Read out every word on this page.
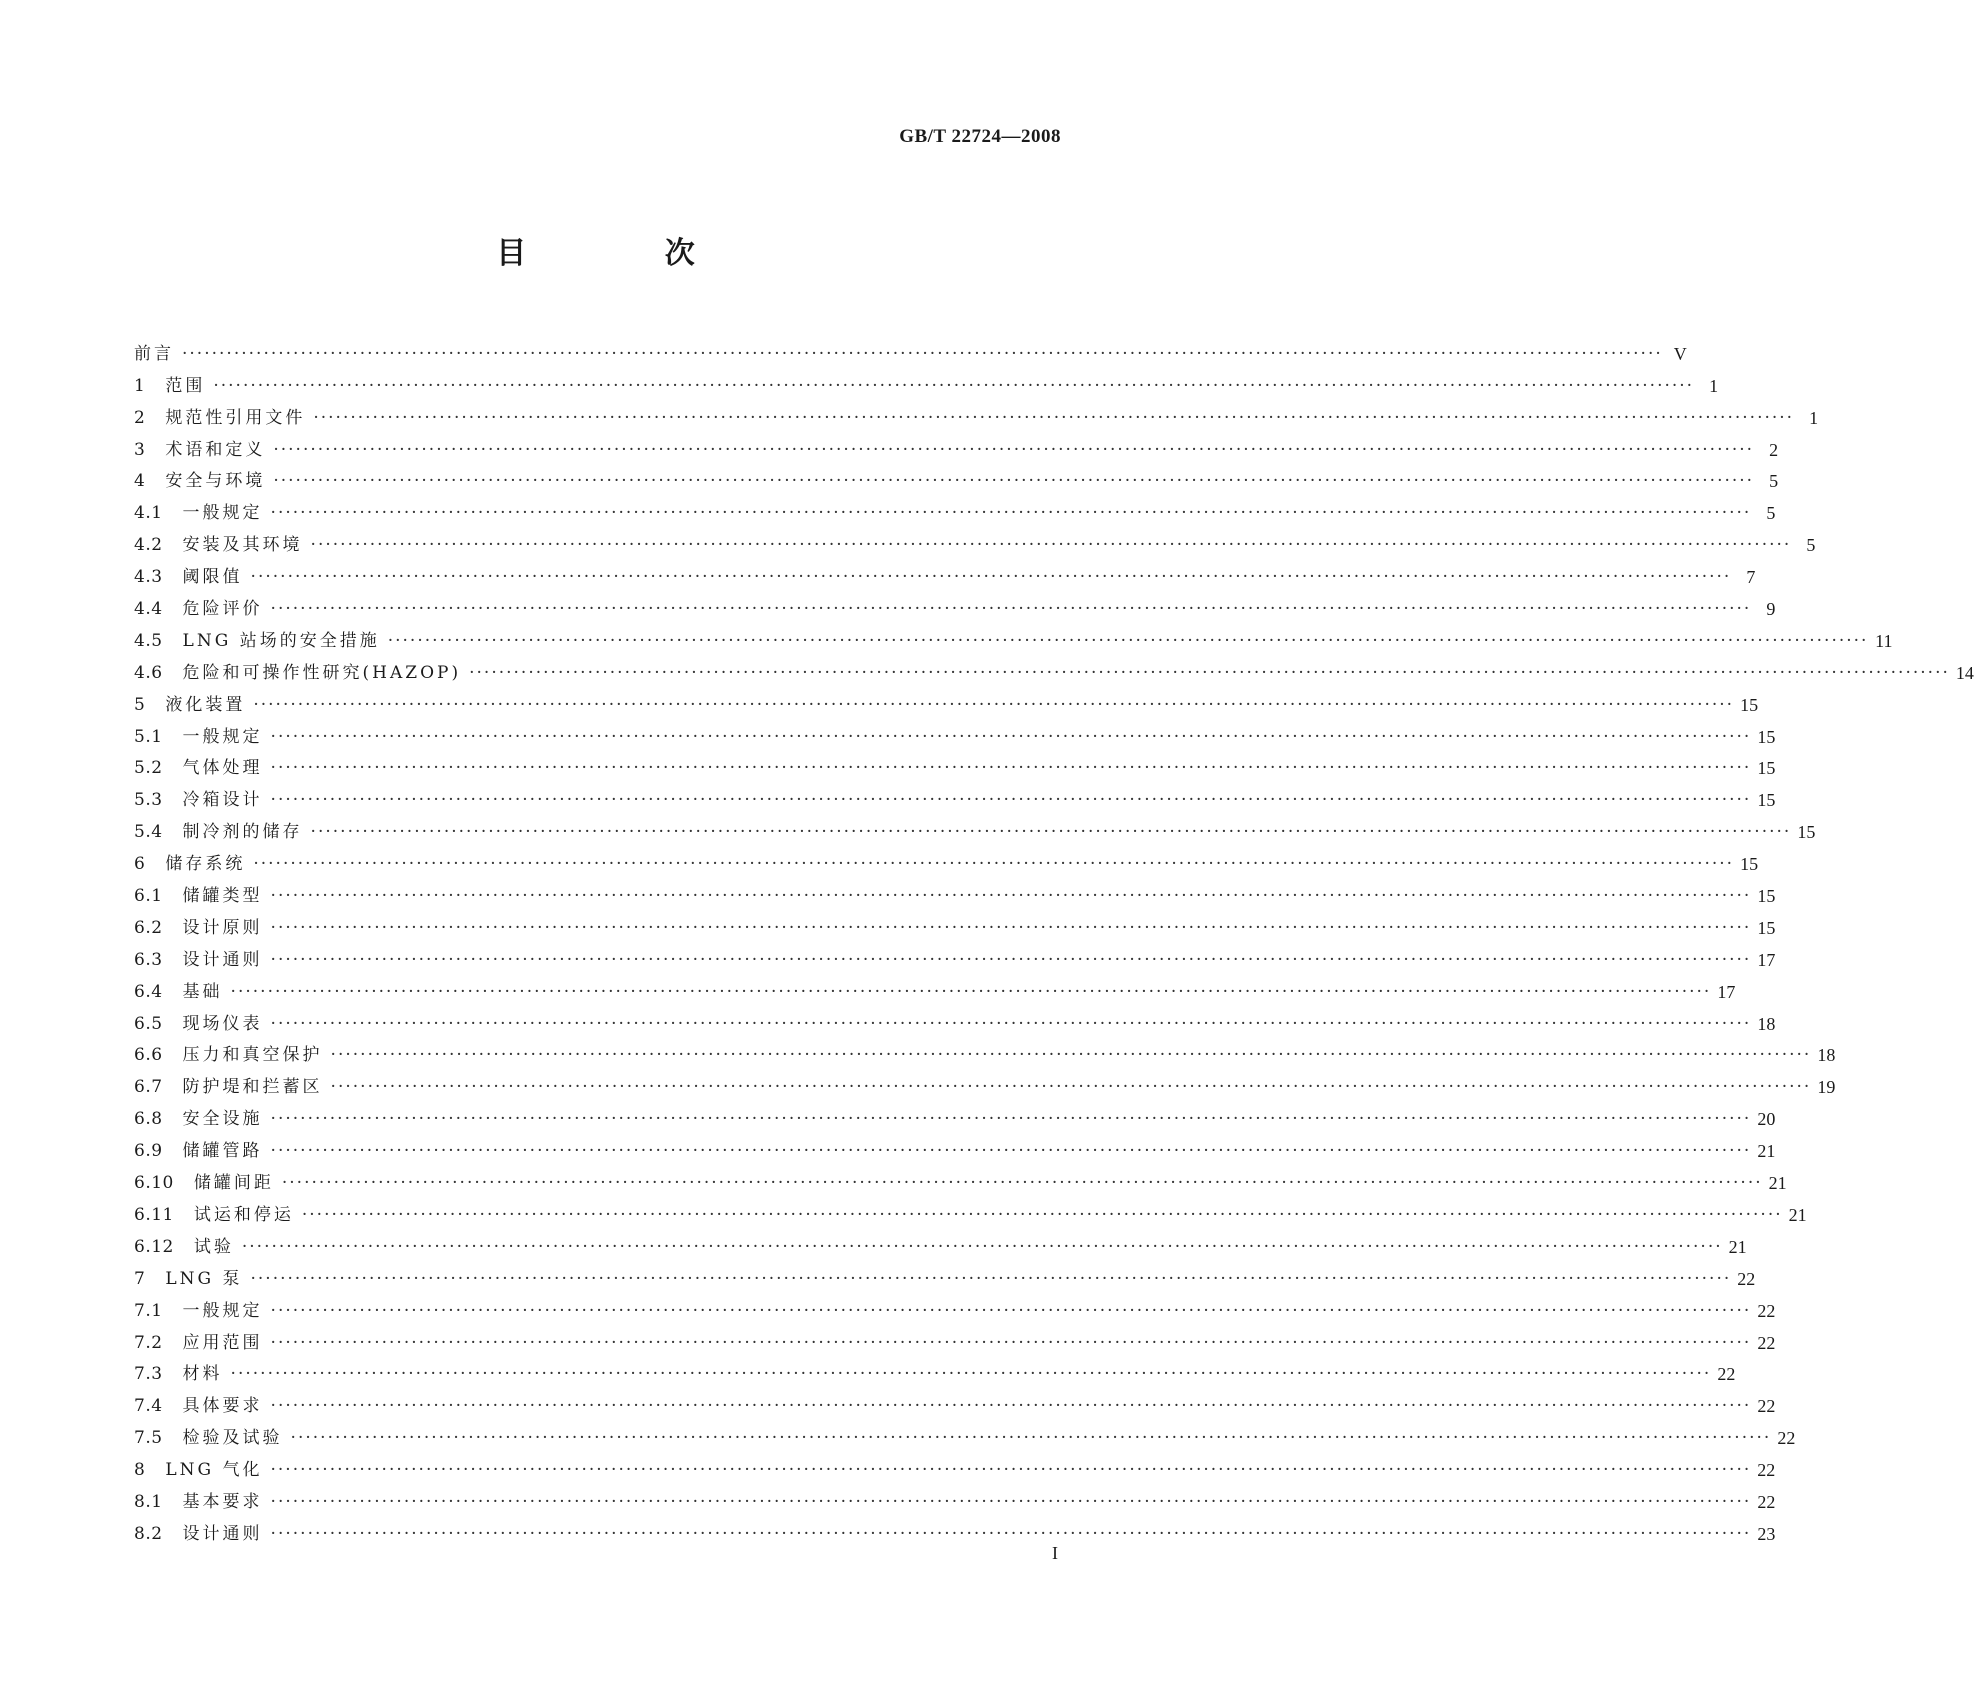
GB/T 22724—2008
目 次
前言 ········································································································································································································ V
1 范围 ········································································································································································································ 1
2 规范性引用文件 ········································································································································································································ 1
3 术语和定义 ········································································································································································································ 2
4 安全与环境 ········································································································································································································ 5
4.1 一般规定 ········································································································································································································ 5
4.2 安装及其环境 ········································································································································································································ 5
4.3 阈限值 ········································································································································································································ 7
4.4 危险评价 ········································································································································································································ 9
4.5 LNG 站场的安全措施 ········································································································································································································ 11
4.6 危险和可操作性研究(HAZOP) ········································································································································································································ 14
5 液化装置 ········································································································································································································ 15
5.1 一般规定 ········································································································································································································ 15
5.2 气体处理 ········································································································································································································ 15
5.3 冷箱设计 ········································································································································································································ 15
5.4 制冷剂的储存 ········································································································································································································ 15
6 储存系统 ········································································································································································································ 15
6.1 储罐类型 ········································································································································································································ 15
6.2 设计原则 ········································································································································································································ 15
6.3 设计通则 ········································································································································································································ 17
6.4 基础 ········································································································································································································ 17
6.5 现场仪表 ········································································································································································································ 18
6.6 压力和真空保护 ········································································································································································································ 18
6.7 防护堤和拦蓄区 ········································································································································································································ 19
6.8 安全设施 ········································································································································································································ 20
6.9 储罐管路 ········································································································································································································ 21
6.10 储罐间距 ········································································································································································································ 21
6.11 试运和停运 ········································································································································································································ 21
6.12 试验 ········································································································································································································ 21
7 LNG 泵 ········································································································································································································ 22
7.1 一般规定 ········································································································································································································ 22
7.2 应用范围 ········································································································································································································ 22
7.3 材料 ········································································································································································································ 22
7.4 具体要求 ········································································································································································································ 22
7.5 检验及试验 ········································································································································································································ 22
8 LNG 气化 ········································································································································································································ 22
8.1 基本要求 ········································································································································································································ 22
8.2 设计通则 ········································································································································································································ 23
I
